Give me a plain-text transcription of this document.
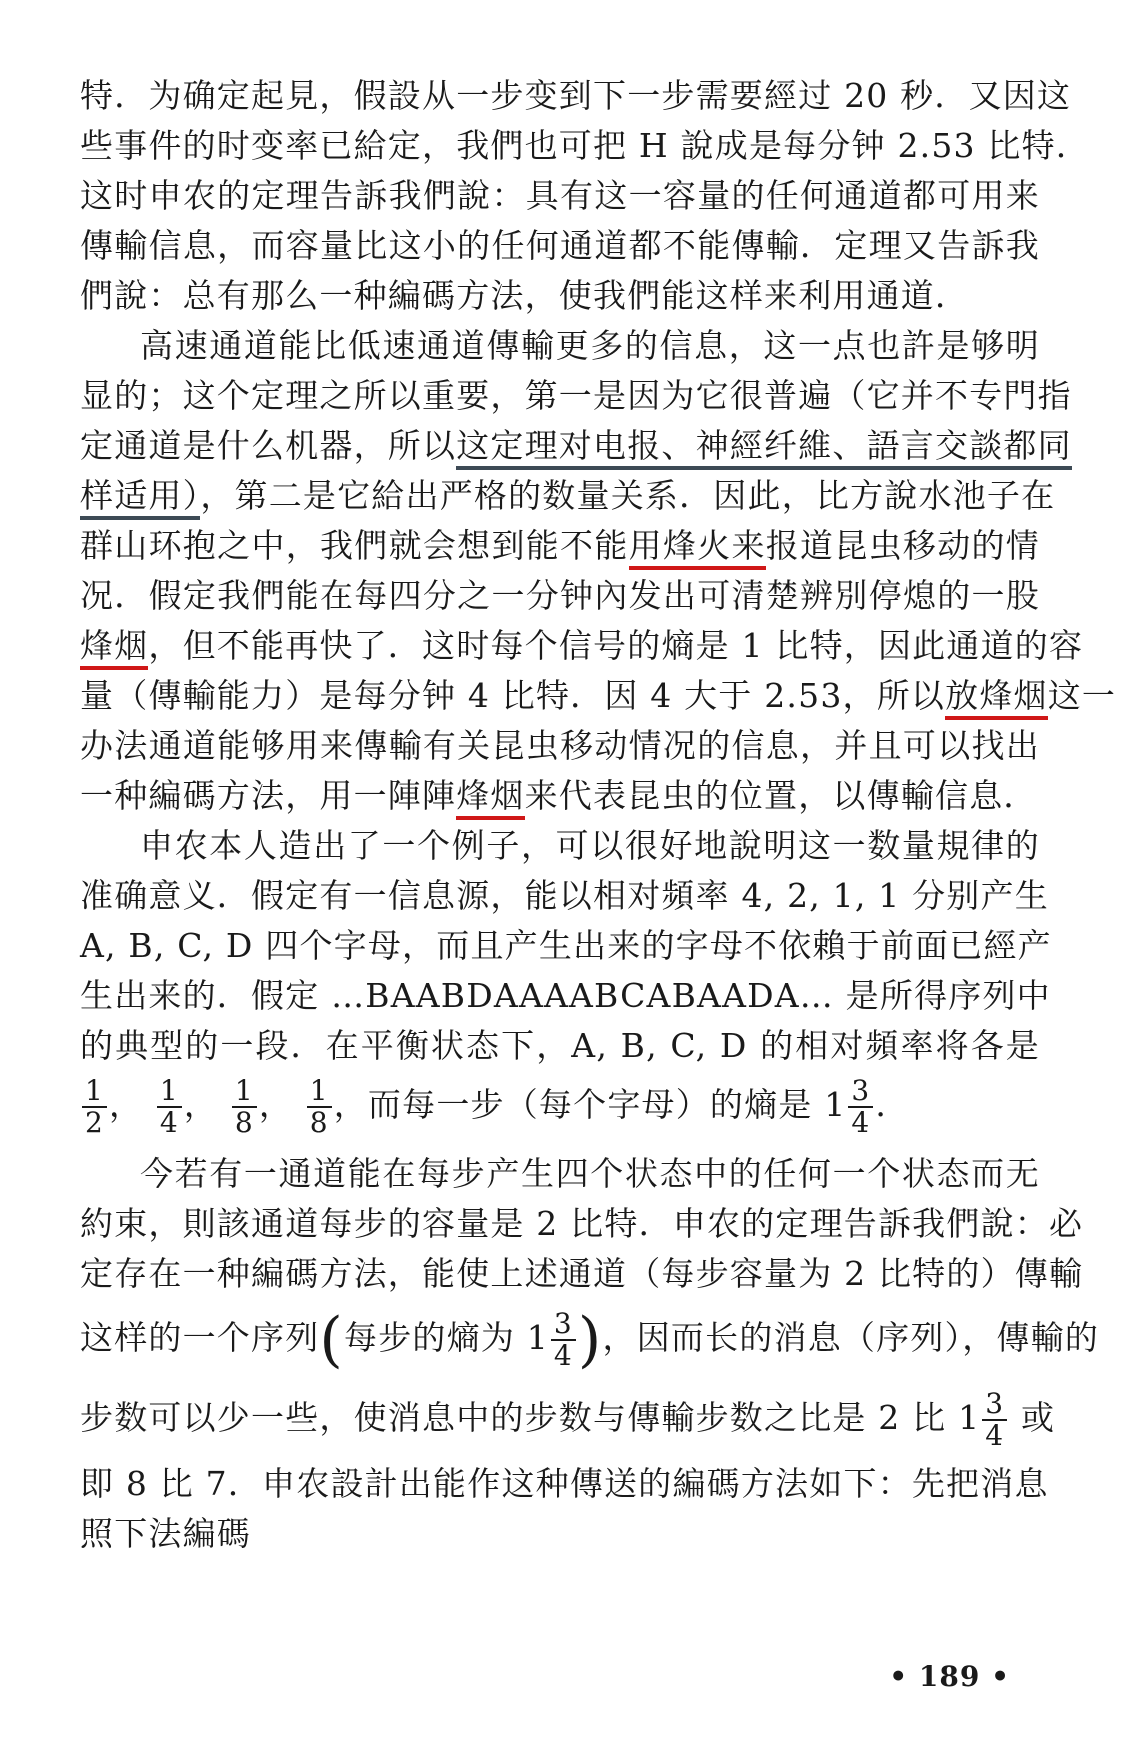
特．为确定起見，假設从一步变到下一步需要經过 20 秒．又因这
些事件的时变率已給定，我們也可把 H 說成是每分钟 2.53 比特．
这时申农的定理告訴我們說：具有这一容量的任何通道都可用来
傳輸信息，而容量比这小的任何通道都不能傳輸．定理又告訴我
們說：总有那么一种編碼方法，使我們能这样来利用通道．
高速通道能比低速通道傳輸更多的信息，这一点也許是够明
显的；这个定理之所以重要，第一是因为它很普遍（它并不专門指
定通道是什么机器，所以这定理对电报、神經纤維、語言交談都同
样适用），第二是它給出严格的数量关系．因此，比方說水池子在
群山环抱之中，我們就会想到能不能用烽火来报道昆虫移动的情
况．假定我們能在每四分之一分钟內发出可清楚辨別停熄的一股
烽烟，但不能再快了．这时每个信号的熵是 1 比特，因此通道的容
量（傳輸能力）是每分钟 4 比特．因 4 大于 2.53，所以放烽烟这一
办法通道能够用来傳輸有关昆虫移动情况的信息，并且可以找出
一种編碼方法，用一陣陣烽烟来代表昆虫的位置，以傳輸信息．
申农本人造出了一个例子，可以很好地說明这一数量規律的
准确意义．假定有一信息源，能以相对頻率 4, 2, 1, 1 分别产生
A, B, C, D 四个字母，而且产生出来的字母不依賴于前面已經产
生出来的．假定 …BAABDAAAABCABAADA… 是所得序列中
的典型的一段．在平衡状态下，A, B, C, D 的相对頻率将各是
$\frac{1}{2}$ ， $\frac{1}{4}$ ， $\frac{1}{8}$ ， $\frac{1}{8}$ ，而每一步（每个字母）的熵是 $1 \frac{3}{4}$ ．
今若有一通道能在每步产生四个状态中的任何一个状态而无
約束，則該通道每步的容量是 2 比特．申农的定理告訴我們說：必
定存在一种編碼方法，能使上述通道（每步容量为 2 比特的）傳輸
这样的一个序列(每步的熵为 $1 \frac{3}{4}$ )，因而长的消息（序列），傳輸的
步数可以少一些，使消息中的步数与傳輸步数之比是 2 比 $1 \frac{3}{4}$ 或
即 8 比 7．申农設計出能作这种傳送的編碼方法如下：先把消息
照下法編碼
• 189 •
